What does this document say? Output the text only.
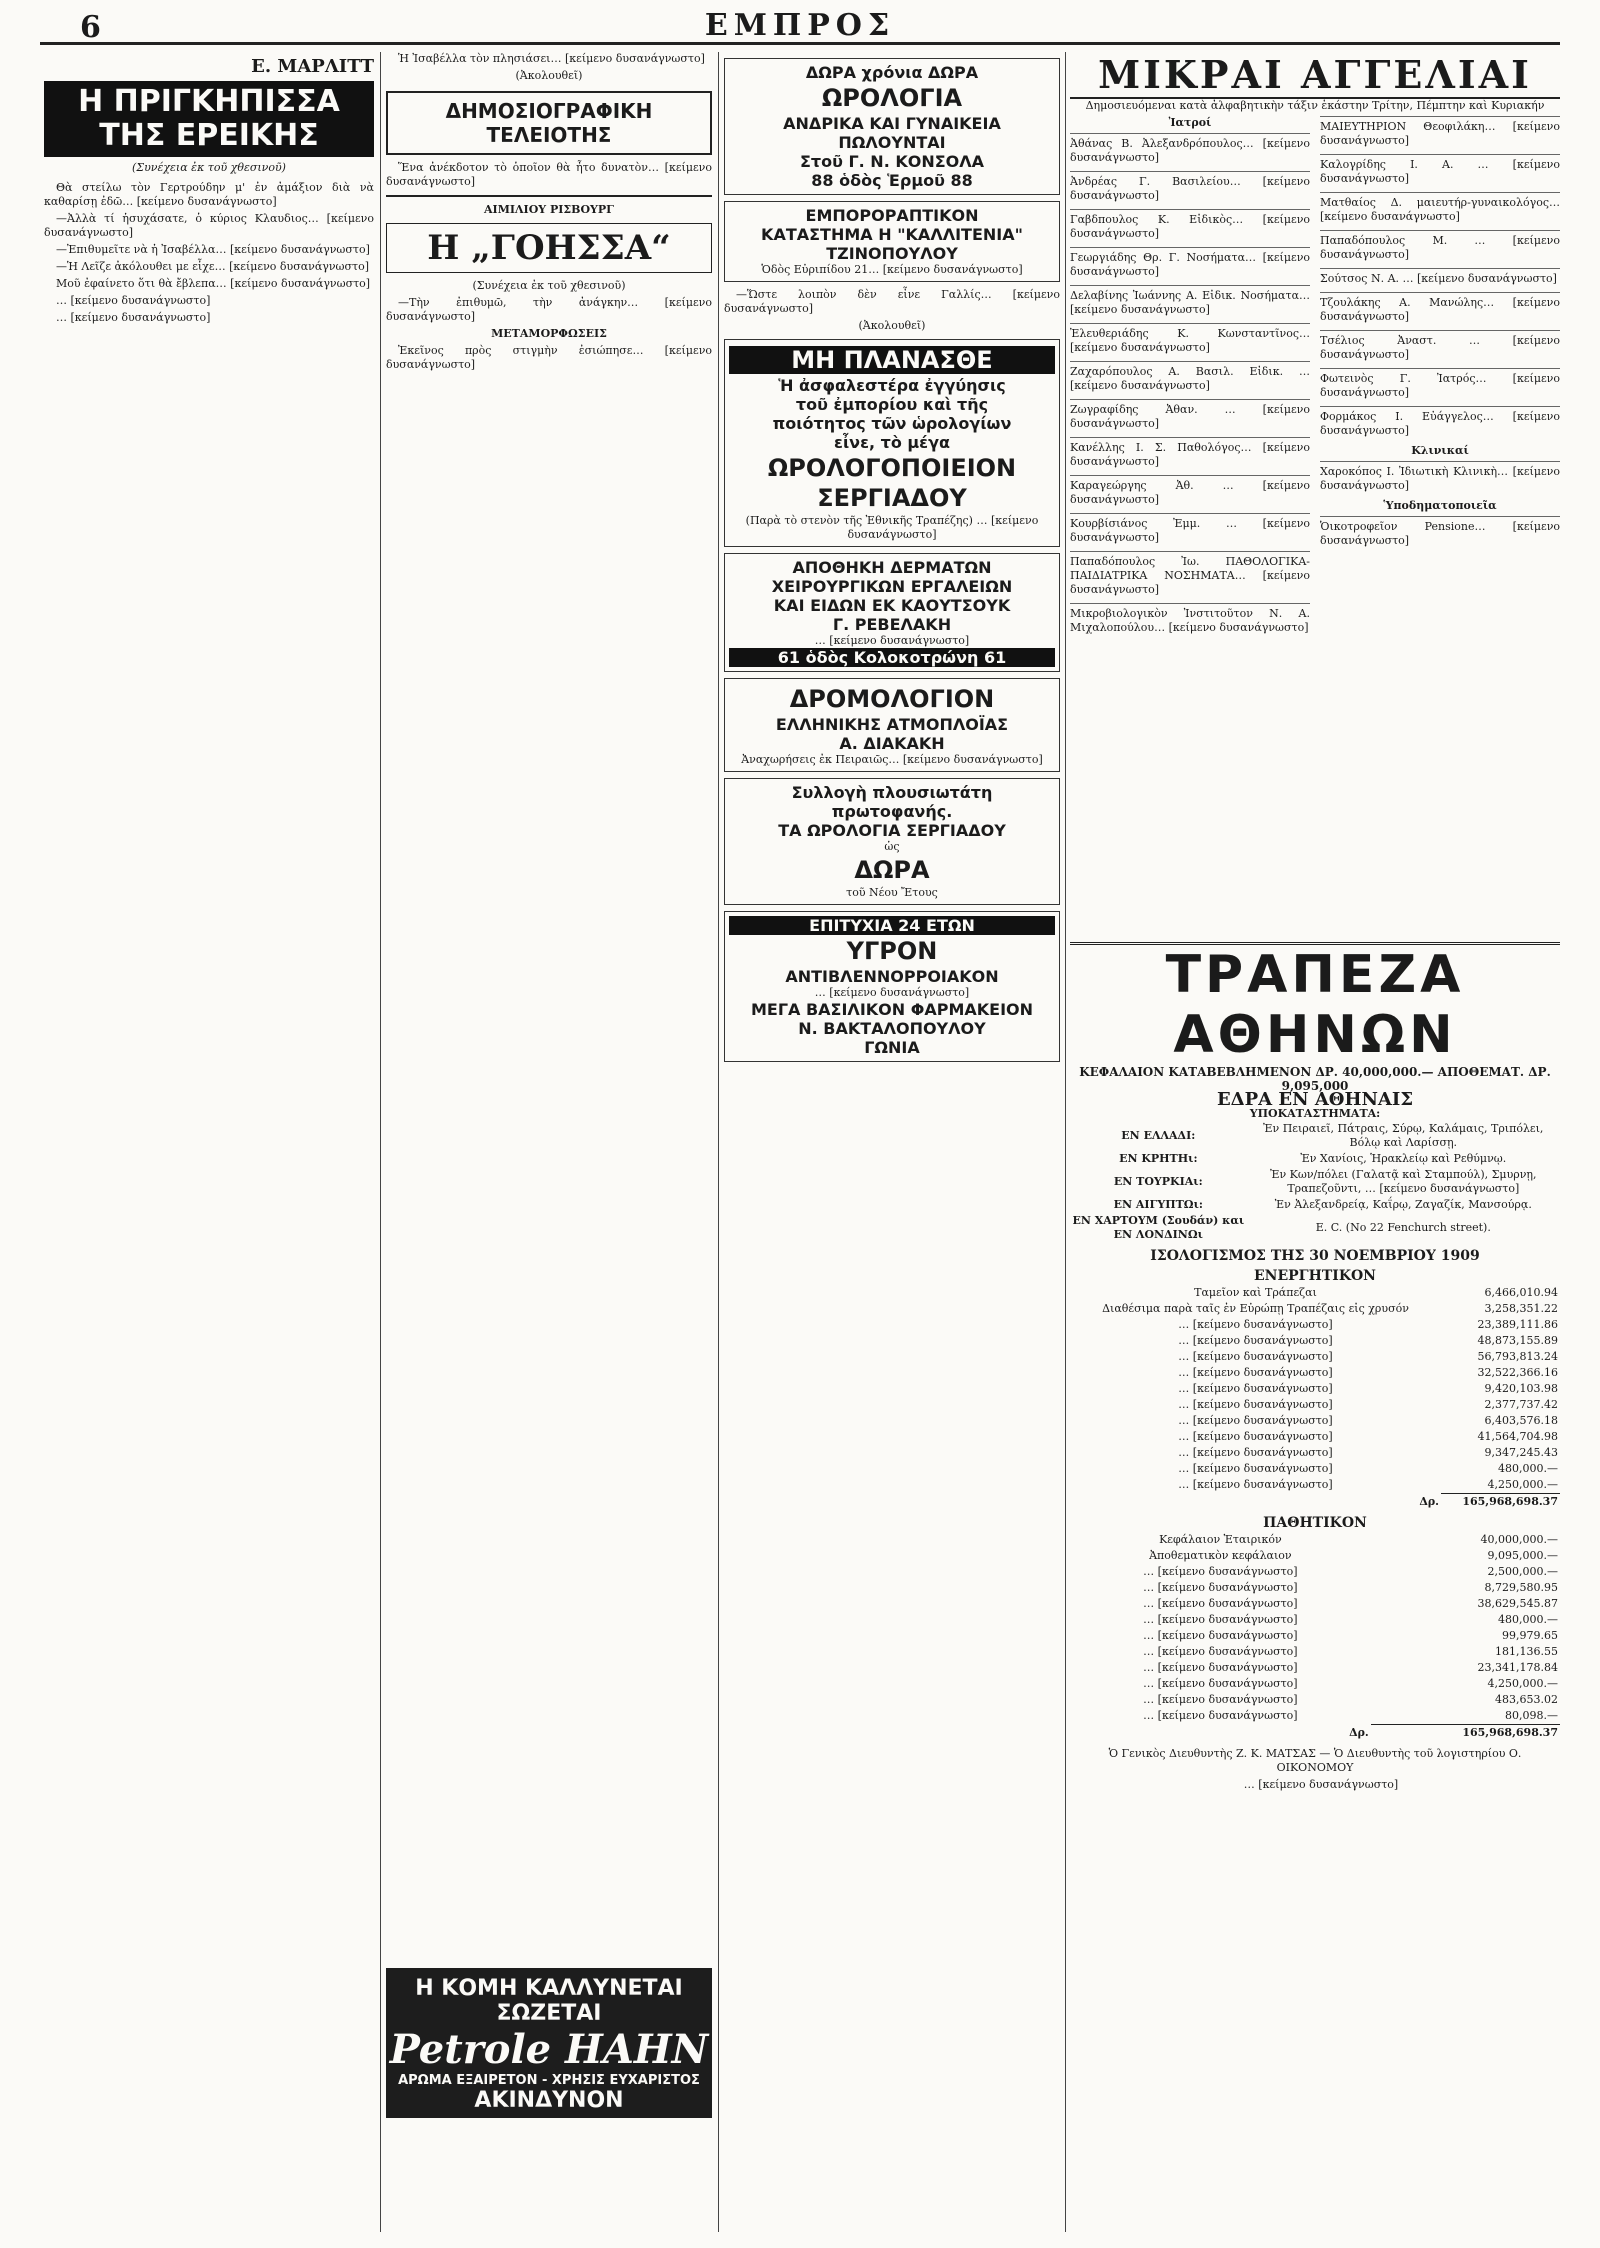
6	ΕΜΠΡΟΣ
Ε. ΜΑΡΛΙΤΤ
Η ΠΡΙΓΚΗΠΙΣΣΑ
ΤΗΣ ΕΡΕΙΚΗΣ
(Συνέχεια ἐκ τοῦ χθεσινοῦ)

Θὰ στείλω τὸν Γερτρούδην μ' ἐν ἀμάξιον διὰ νὰ καθαρίσῃ ἐδῶ… [κείμενο δυσανάγνωστο]

—Ἀλλὰ τί ἡσυχάσατε, ὁ κύριος Κλαυδιος… [κείμενο δυσανάγνωστο]

—Ἐπιθυμεῖτε νὰ ἡ Ἰσαβέλλα… [κείμενο δυσανάγνωστο]

—Ἡ Λεῖζε ἀκόλουθει με εἶχε… [κείμενο δυσανάγνωστο]

Μοῦ ἐφαίνετο ὅτι θὰ ἔβλεπα… [κείμενο δυσανάγνωστο]

… [κείμενο δυσανάγνωστο]

… [κείμενο δυσανάγνωστο]

Ἡ Ἰσαβέλλα τὸν πλησιάσει… [κείμενο δυσανάγνωστο]

(Ἀκολουθεῖ)

ΔΗΜΟΣΙΟΓΡΑΦΙΚΗ
ΤΕΛΕΙΟΤΗΣ

Ἕνα ἀνέκδοτον τὸ ὁποῖον θὰ ἦτο δυνατὸν… [κείμενο δυσανάγνωστο]

ΑΙΜΙΛΙΟΥ ΡΙΣΒΟΥΡΓ

Η „ΓΟΗΣΣΑ“

(Συνέχεια ἐκ τοῦ χθεσινοῦ)

—Τὴν ἐπιθυμῶ, τὴν ἀνάγκην… [κείμενο δυσανάγνωστο]

ΜΕΤΑΜΟΡΦΩΣΕΙΣ

Ἐκεῖνος πρὸς στιγμὴν ἐσιώπησε… [κείμενο δυσανάγνωστο]

Η ΚΟΜΗ ΚΑΛΛΥΝΕΤΑΙ ΣΩΖΕΤΑΙ
Petrole HAHN
ΑΡΩΜΑ ΕΞΑΙΡΕΤΟΝ - ΧΡΗΣΙΣ ΕΥΧΑΡΙΣΤΟΣ
ΑΚΙΝΔΥΝΟΝ
ΔΩΡΑ χρόνια ΔΩΡΑ
ΩΡΟΛΟΓΙΑ
ΑΝΔΡΙΚΑ ΚΑΙ ΓΥΝΑΙΚΕΙΑ
ΠΩΛΟΥΝΤΑΙ
Στοῦ Γ. Ν. ΚΟΝΣΟΛΑ
88 ὁδὸς Ἑρμοῦ 88
ΕΜΠΟΡΟΡΑΠΤΙΚΟΝ
ΚΑΤΑΣΤΗΜΑ Η "ΚΑΛΛΙΤΕΝΙΑ"
ΤΖΙΝΟΠΟΥΛΟΥ
Ὁδὸς Εὐριπίδου 21… [κείμενο δυσανάγνωστο]

—Ὥστε λοιπὸν δὲν εἶνε Γαλλίς… [κείμενο δυσανάγνωστο]

(Ἀκολουθεῖ)

ΜΗ ΠΛΑΝΑΣΘΕ
Ἡ ἀσφαλεστέρα ἐγγύησις
τοῦ ἐμπορίου καὶ τῆς
ποιότητος τῶν ὡρολογίων
εἶνε, τὸ μέγα
ΩΡΟΛΟΓΟΠΟΙΕΙΟΝ
ΣΕΡΓΙΑΔΟΥ
(Παρὰ τὸ στενὸν τῆς Ἐθνικῆς Τραπέζης) … [κείμενο δυσανάγνωστο]
ΑΠΟΘΗΚΗ ΔΕΡΜΑΤΩΝ
ΧΕΙΡΟΥΡΓΙΚΩΝ ΕΡΓΑΛΕΙΩΝ
ΚΑΙ ΕΙΔΩΝ ΕΚ ΚΑΟΥΤΣΟΥΚ
Γ. ΡΕΒΕΛΑΚΗ
… [κείμενο δυσανάγνωστο]
61 ὁδὸς Κολοκοτρώνη 61
ΔΡΟΜΟΛΟΓΙΟΝ
ΕΛΛΗΝΙΚΗΣ ΑΤΜΟΠΛΟΪΑΣ
Α. ΔΙΑΚΑΚΗ
Ἀναχωρήσεις ἐκ Πειραιῶς… [κείμενο δυσανάγνωστο]
Συλλογὴ πλουσιωτάτη
πρωτοφανής.
ΤΑ ΩΡΟΛΟΓΙΑ ΣΕΡΓΙΑΔΟΥ
ὡς
ΔΩΡΑ
τοῦ Νέου Ἔτους
ΕΠΙΤΥΧΙΑ 24 ΕΤΩΝ
ΥΓΡΟΝ
ΑΝΤΙΒΛΕΝΝΟΡΡΟΙΑΚΟΝ
… [κείμενο δυσανάγνωστο]
ΜΕΓΑ ΒΑΣΙΛΙΚΟΝ ΦΑΡΜΑΚΕΙΟΝ
Ν. ΒΑΚΤΑΛΟΠΟΥΛΟΥ
ΓΩΝΙΑ
ΜΙΚΡΑΙ ΑΓΓΕΛΙΑΙ

Δημοσιευόμεναι κατὰ ἀλφαβητικὴν τάξιν ἑκάστην Τρίτην, Πέμπτην καὶ Κυριακήν

Ἰατροί

Ἀθάνας Β. Ἀλεξανδρόπουλος… [κείμενο δυσανάγνωστο]

Ἀνδρέας Γ. Βασιλείου… [κείμενο δυσανάγνωστο]

Γαβδπουλος Κ. Εἰδικὸς… [κείμενο δυσανάγνωστο]

Γεωργιάδης Θρ. Γ. Νοσήματα… [κείμενο δυσανάγνωστο]

Δελαβίνης Ἰωάννης Α. Εἰδικ. Νοσήματα… [κείμενο δυσανάγνωστο]

Ἐλευθεριάδης Κ. Κωνσταντῖνος… [κείμενο δυσανάγνωστο]

Ζαχαρόπουλος Α. Βασιλ. Εἰδικ. … [κείμενο δυσανάγνωστο]

Ζωγραφίδης Ἀθαν. … [κείμενο δυσανάγνωστο]

Κανέλλης Ι. Σ. Παθολόγος… [κείμενο δυσανάγνωστο]

Καραγεώργης Ἀθ. … [κείμενο δυσανάγνωστο]

Κουρβίσιάνος Ἐμμ. … [κείμενο δυσανάγνωστο]

Παπαδόπουλος Ἰω. ΠΑΘΟΛΟΓΙΚΑ-ΠΑΙΔΙΑΤΡΙΚΑ ΝΟΣΗΜΑΤΑ… [κείμενο δυσανάγνωστο]

Μικροβιολογικὸν Ἰνστιτοῦτον Ν. Α. Μιχαλοπούλου… [κείμενο δυσανάγνωστο]

ΜΑΙΕΥΤΗΡΙΟΝ Θεοφιλάκη… [κείμενο δυσανάγνωστο]

Καλογρίδης Ι. Α. … [κείμενο δυσανάγνωστο]

Ματθαίος Δ. μαιευτήρ-γυναικολόγος… [κείμενο δυσανάγνωστο]

Παπαδόπουλος Μ. … [κείμενο δυσανάγνωστο]

Σούτσος Ν. Α. … [κείμενο δυσανάγνωστο]

Τζουλάκης Α. Μανώλης… [κείμενο δυσανάγνωστο]

Τσέλιος Ἀναστ. … [κείμενο δυσανάγνωστο]

Φωτεινὸς Γ. Ἰατρός… [κείμενο δυσανάγνωστο]

Φορμάκος Ι. Εὐάγγελος… [κείμενο δυσανάγνωστο]

Κλινικαί

Χαροκόπος Ι. Ἰδιωτικὴ Κλινικὴ… [κείμενο δυσανάγνωστο]

Ὑποδηματοποιεῖα

Ὁικοτροφεῖον Pensione… [κείμενο δυσανάγνωστο]

ΤΡΑΠΕΖΑ ΑΘΗΝΩΝ
ΚΕΦΑΛΑΙΟΝ ΚΑΤΑΒΕΒΛΗΜΕΝΟΝ ΔΡ. 40,000,000.— ΑΠΟΘΕΜΑΤ. ΔΡ. 9,095,000
ΕΔΡΑ ΕΝ ΑΘΗΝΑΙΣ
ΥΠΟΚΑΤΑΣΤΗΜΑΤΑ:
ΕΝ ΕΛΛΑΔΙ:	Ἐν Πειραιεῖ, Πάτραις, Σύρῳ, Καλάμαις, Τριπόλει, Βόλῳ καὶ Λαρίσσῃ.
ΕΝ ΚΡΗΤΗι:	Ἐν Χανίοις, Ἡρακλείῳ καὶ Ρεθύμνῳ.
ΕΝ ΤΟΥΡΚΙΑι:	Ἐν Κων/πόλει (Γαλατᾷ καὶ Σταμπούλ), Σμυρνῃ, Τραπεζοῦντι, … [κείμενο δυσανάγνωστο]
ΕΝ ΑΙΓΥΠΤΩι:	Ἐν Ἀλεξανδρείᾳ, Καΐρῳ, Ζαγαζίκ, Μανσούρᾳ.
ΕΝ ΧΑΡΤΟΥΜ (Σουδάν) και ΕΝ ΛΟΝΔΙΝΩι	Ε. C. (No 22 Fenchurch street).
ΙΣΟΛΟΓΙΣΜΟΣ ΤΗΣ 30 ΝΟΕΜΒΡΙΟΥ 1909
ΕΝΕΡΓΗΤΙΚΟΝ
Ταμεῖον καὶ Τράπεζαι	6,466,010.94
Διαθέσιμα παρὰ ταῖς ἐν Εὐρώπῃ Τραπέζαις εἰς χρυσόν	3,258,351.22
… [κείμενο δυσανάγνωστο]	23,389,111.86
… [κείμενο δυσανάγνωστο]	48,873,155.89
… [κείμενο δυσανάγνωστο]	56,793,813.24
… [κείμενο δυσανάγνωστο]	32,522,366.16
… [κείμενο δυσανάγνωστο]	9,420,103.98
… [κείμενο δυσανάγνωστο]	2,377,737.42
… [κείμενο δυσανάγνωστο]	6,403,576.18
… [κείμενο δυσανάγνωστο]	41,564,704.98
… [κείμενο δυσανάγνωστο]	9,347,245.43
… [κείμενο δυσανάγνωστο]	480,000.—
… [κείμενο δυσανάγνωστο]	4,250,000.—
Δρ.	165,968,698.37
ΠΑΘΗΤΙΚΟΝ
Κεφάλαιον Ἑταιρικόν	40,000,000.—
Ἀποθεματικὸν κεφάλαιον	9,095,000.—
… [κείμενο δυσανάγνωστο]	2,500,000.—
… [κείμενο δυσανάγνωστο]	8,729,580.95
… [κείμενο δυσανάγνωστο]	38,629,545.87
… [κείμενο δυσανάγνωστο]	480,000.—
… [κείμενο δυσανάγνωστο]	99,979.65
… [κείμενο δυσανάγνωστο]	181,136.55
… [κείμενο δυσανάγνωστο]	23,341,178.84
… [κείμενο δυσανάγνωστο]	4,250,000.—
… [κείμενο δυσανάγνωστο]	483,653.02
… [κείμενο δυσανάγνωστο]	80,098.—
Δρ.	165,968,698.37

Ὁ Γενικὸς Διευθυντὴς Ζ. Κ. ΜΑΤΣΑΣ — Ὁ Διευθυντὴς τοῦ λογιστηρίου Ο. ΟΙΚΟΝΟΜΟΥ

… [κείμενο δυσανάγνωστο]
